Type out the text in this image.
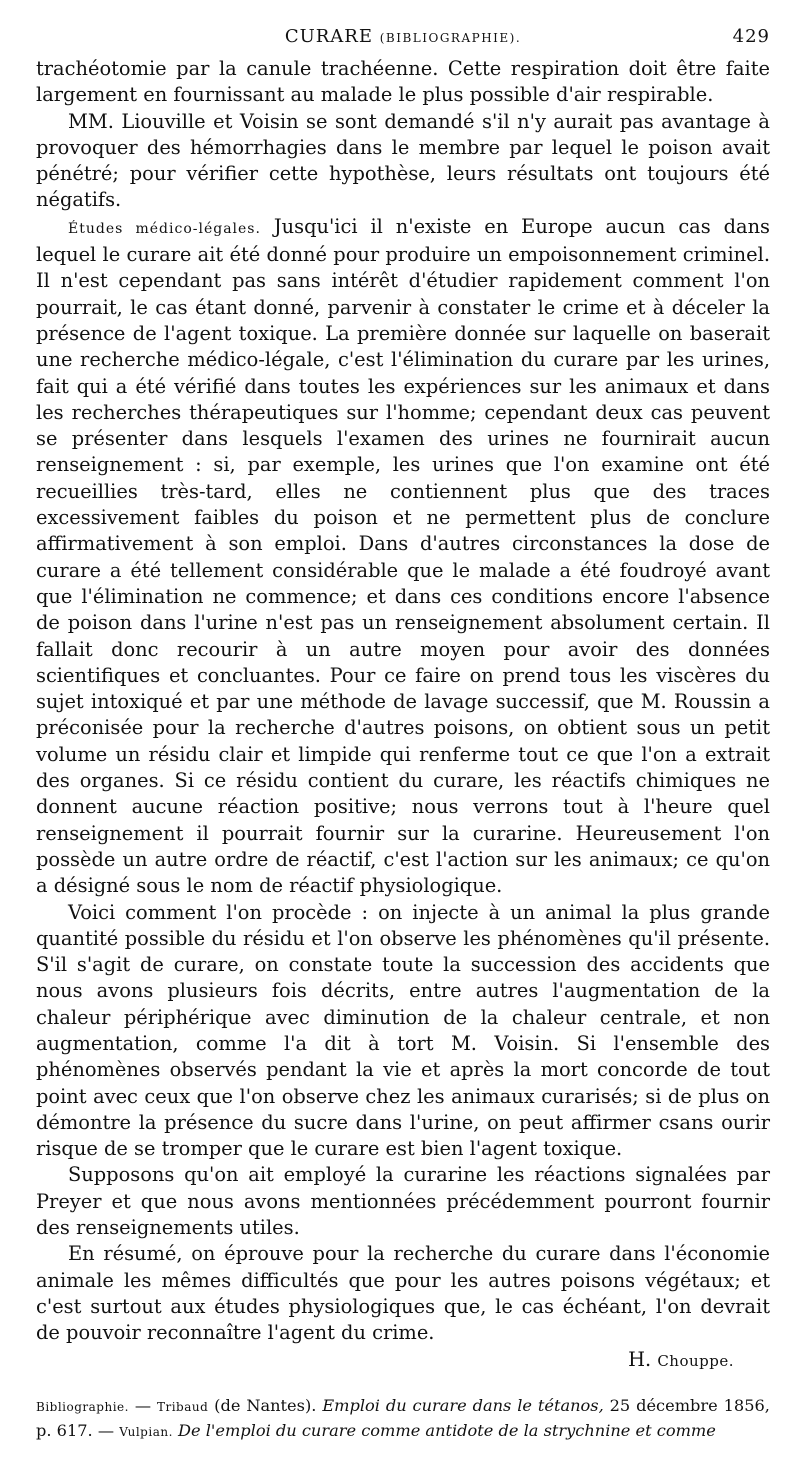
CURARE (BIBLIOGRAPHIE).	429

trachéotomie par la canule trachéenne. Cette respiration doit être faite largement en fournissant au malade le plus possible d'air respirable.

MM. Liouville et Voisin se sont demandé s'il n'y aurait pas avantage à provoquer des hémorrhagies dans le membre par lequel le poison avait pénétré; pour vérifier cette hypothèse, leurs résultats ont toujours été négatifs.

Études médico-légales. Jusqu'ici il n'existe en Europe aucun cas dans lequel le curare ait été donné pour produire un empoisonnement criminel. Il n'est cependant pas sans intérêt d'étudier rapidement comment l'on pourrait, le cas étant donné, parvenir à constater le crime et à déceler la présence de l'agent toxique. La première donnée sur laquelle on baserait une recherche médico-légale, c'est l'élimination du curare par les urines, fait qui a été vérifié dans toutes les expériences sur les animaux et dans les recherches thérapeutiques sur l'homme; cependant deux cas peuvent se présenter dans lesquels l'examen des urines ne fournirait aucun renseignement : si, par exemple, les urines que l'on examine ont été recueillies très-tard, elles ne contiennent plus que des traces excessivement faibles du poison et ne permettent plus de conclure affirmativement à son emploi. Dans d'autres circonstances la dose de curare a été tellement considérable que le malade a été foudroyé avant que l'élimination ne commence; et dans ces conditions encore l'absence de poison dans l'urine n'est pas un renseignement absolument certain. Il fallait donc recourir à un autre moyen pour avoir des données scientifiques et concluantes. Pour ce faire on prend tous les viscères du sujet intoxiqué et par une méthode de lavage successif, que M. Roussin a préconisée pour la recherche d'autres poisons, on obtient sous un petit volume un résidu clair et limpide qui renferme tout ce que l'on a extrait des organes. Si ce résidu contient du curare, les réactifs chimiques ne donnent aucune réaction positive; nous verrons tout à l'heure quel renseignement il pourrait fournir sur la curarine. Heureusement l'on possède un autre ordre de réactif, c'est l'action sur les animaux; ce qu'on a désigné sous le nom de réactif physiologique.

Voici comment l'on procède : on injecte à un animal la plus grande quantité possible du résidu et l'on observe les phénomènes qu'il présente. S'il s'agit de curare, on constate toute la succession des accidents que nous avons plusieurs fois décrits, entre autres l'augmentation de la chaleur périphérique avec diminution de la chaleur centrale, et non augmentation, comme l'a dit à tort M. Voisin. Si l'ensemble des phénomènes observés pendant la vie et après la mort concorde de tout point avec ceux que l'on observe chez les animaux curarisés; si de plus on démontre la présence du sucre dans l'urine, on peut affirmer csans ourir risque de se tromper que le curare est bien l'agent toxique.

Supposons qu'on ait employé la curarine les réactions signalées par Preyer et que nous avons mentionnées précédemment pourront fournir des renseignements utiles.

En résumé, on éprouve pour la recherche du curare dans l'économie animale les mêmes difficultés que pour les autres poisons végétaux; et c'est surtout aux études physiologiques que, le cas échéant, l'on devrait de pouvoir reconnaître l'agent du crime.
H. Chouppe.
Bibliographie. — Tribaud (de Nantes). Emploi du curare dans le tétanos, 25 décembre 1856, p. 617. — Vulpian. De l'emploi du curare comme antidote de la strychnine et comme
